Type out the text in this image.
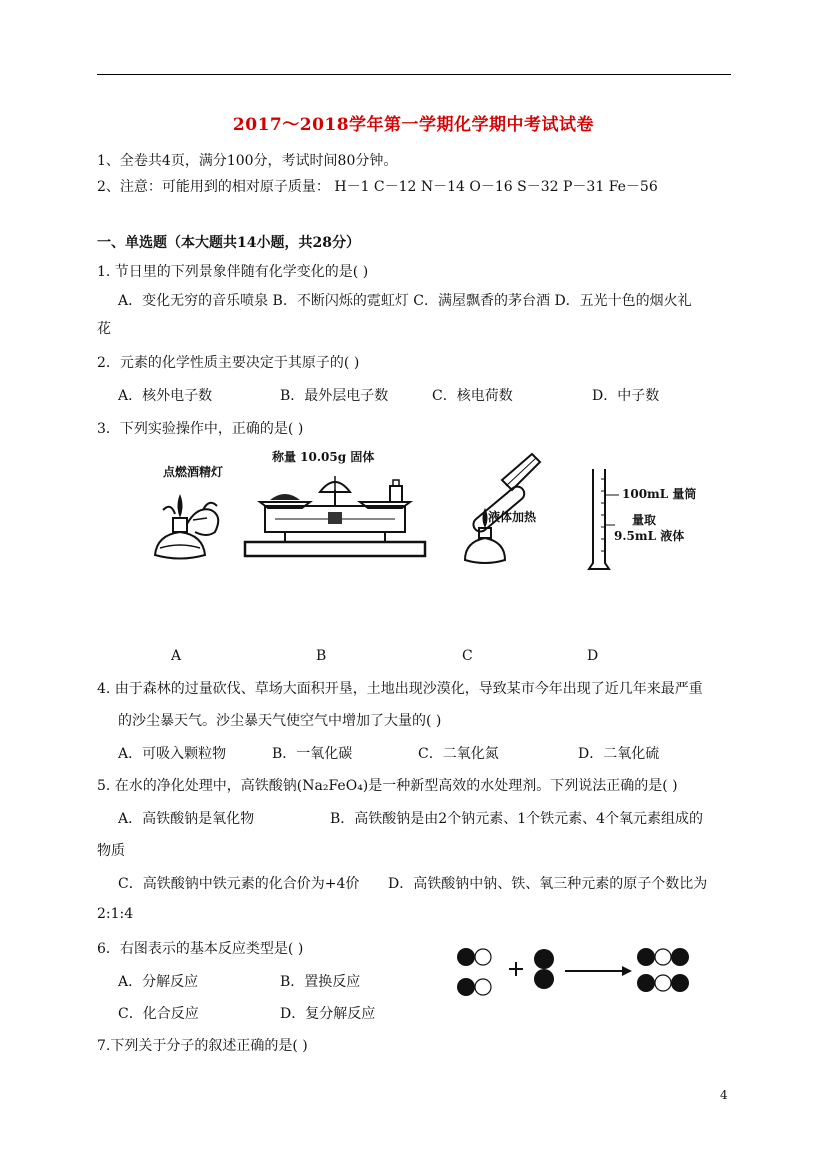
2017～2018学年第一学期化学期中考试试卷
1、全卷共4页，满分100分，考试时间80分钟。
2、注意：可能用到的相对原子质量： H－1 C－12 N－14 O－16 S－32 P－31 Fe－56
一、单选题（本大题共14小题，共28分）
1. 节日里的下列景象伴随有化学变化的是( )
A．变化无穷的音乐喷泉 B．不断闪烁的霓虹灯 C．满屋飘香的茅台酒 D．五光十色的烟火礼
花
2．元素的化学性质主要决定于其原子的( )
A．核外电子数	B．最外层电子数	C．核电荷数	D．中子数
3．下列实验操作中，正确的是( )
点燃酒精灯
称量 10.05g 固体
液体加热
100mL 量筒
量取
9.5mL 液体
A	B	C	D
4. 由于森林的过量砍伐、草场大面积开垦，土地出现沙漠化，导致某市今年出现了近几年来最严重
的沙尘暴天气。沙尘暴天气使空气中增加了大量的( )
A．可吸入颗粒物	B．一氧化碳	C．二氧化氮	D．二氧化硫
5. 在水的净化处理中，高铁酸钠(Na₂FeO₄)是一种新型高效的水处理剂。下列说法正确的是( )
A．高铁酸钠是氧化物	B．高铁酸钠是由2个钠元素、1个铁元素、4个氧元素组成的
物质
C．高铁酸钠中铁元素的化合价为+4价 D．高铁酸钠中钠、铁、氧三种元素的原子个数比为
2:1:4
6．右图表示的基本反应类型是( )
A．分解反应	B．置换反应
C．化合反应	D．复分解反应
7.下列关于分子的叙述正确的是( )
4
